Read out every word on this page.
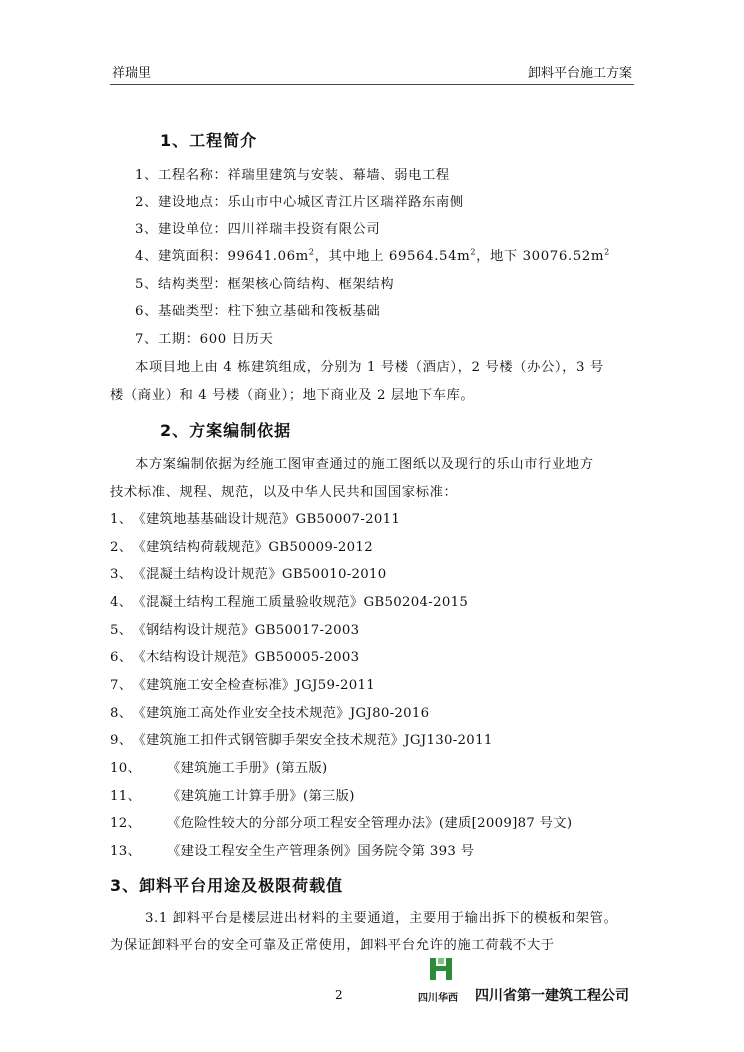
祥瑞里	卸料平台施工方案
1、工程简介
1、工程名称：祥瑞里建筑与安装、幕墙、弱电工程
2、建设地点：乐山市中心城区青江片区瑞祥路东南侧
3、建设单位：四川祥瑞丰投资有限公司
4、建筑面积：$99641.06m^2$，其中地上 $69564.54m^2$，地下 $30076.52m^2$
5、结构类型：框架核心筒结构、框架结构
6、基础类型：柱下独立基础和筏板基础
7、工期：600 日历天
本项目地上由 4 栋建筑组成，分别为 1 号楼（酒店），2 号楼（办公），3 号
楼（商业）和 4 号楼（商业）；地下商业及 2 层地下车库。
2、方案编制依据
本方案编制依据为经施工图审查通过的施工图纸以及现行的乐山市行业地方
技术标准、规程、规范，以及中华人民共和国国家标准：
1、《建筑地基基础设计规范》GB50007-2011
2、《建筑结构荷载规范》GB50009-2012
3、《混凝土结构设计规范》GB50010-2010
4、《混凝土结构工程施工质量验收规范》GB50204-2015
5、《钢结构设计规范》GB50017-2003
6、《木结构设计规范》GB50005-2003
7、《建筑施工安全检查标准》JGJ59-2011
8、《建筑施工高处作业安全技术规范》JGJ80-2016
9、《建筑施工扣件式钢管脚手架安全技术规范》JGJ130-2011
10、 《建筑施工手册》(第五版)
11、 《建筑施工计算手册》(第三版)
12、 《危险性较大的分部分项工程安全管理办法》(建质[2009]87 号文)
13、 《建设工程安全生产管理条例》国务院令第 393 号
3、卸料平台用途及极限荷载值
3.1 卸料平台是楼层进出材料的主要通道，主要用于输出拆下的模板和架管。
为保证卸料平台的安全可靠及正常使用，卸料平台允许的施工荷载不大于
2	四川华西 四川省第一建筑工程公司
